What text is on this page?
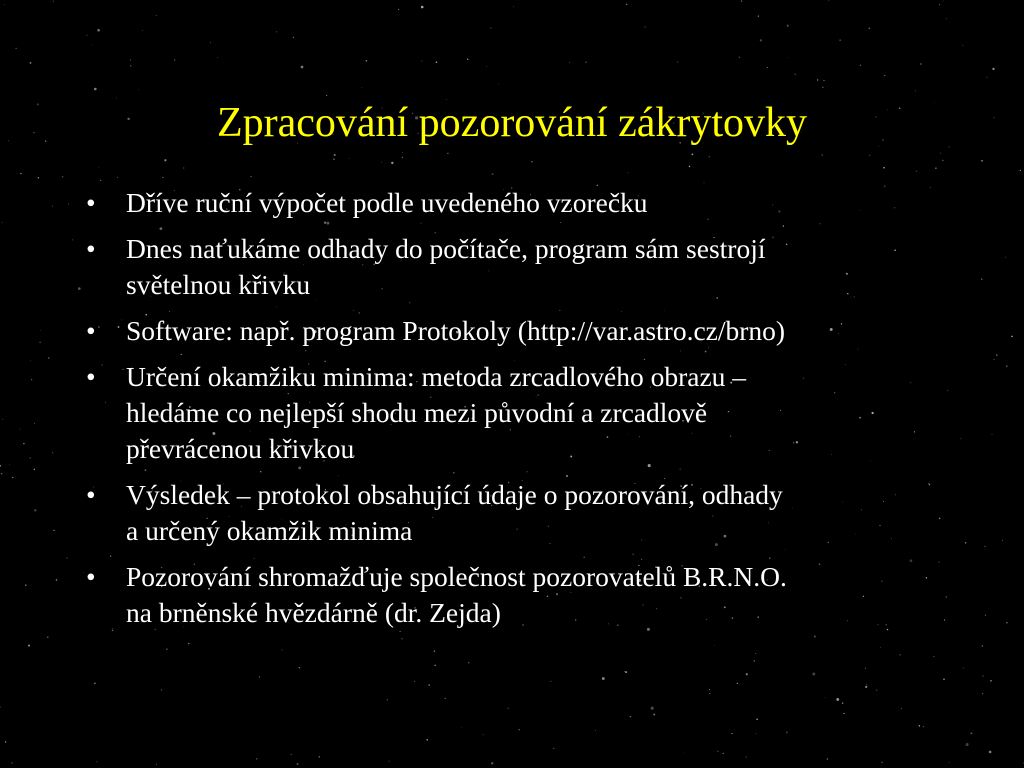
Zpracování pozorování zákrytovky
•	Dříve ruční výpočet podle uvedeného vzorečku
•	Dnes naťukáme odhady do počítače, program sám sestrojí
světelnou křivku
•	Software: např. program Protokoly (http://var.astro.cz/brno)
•	Určení okamžiku minima: metoda zrcadlového obrazu –
hledáme co nejlepší shodu mezi původní a zrcadlově
převrácenou křivkou
•	Výsledek – protokol obsahující údaje o pozorování, odhady
a určený okamžik minima
•	Pozorování shromažďuje společnost pozorovatelů B.R.N.O.
na brněnské hvězdárně (dr. Zejda)
